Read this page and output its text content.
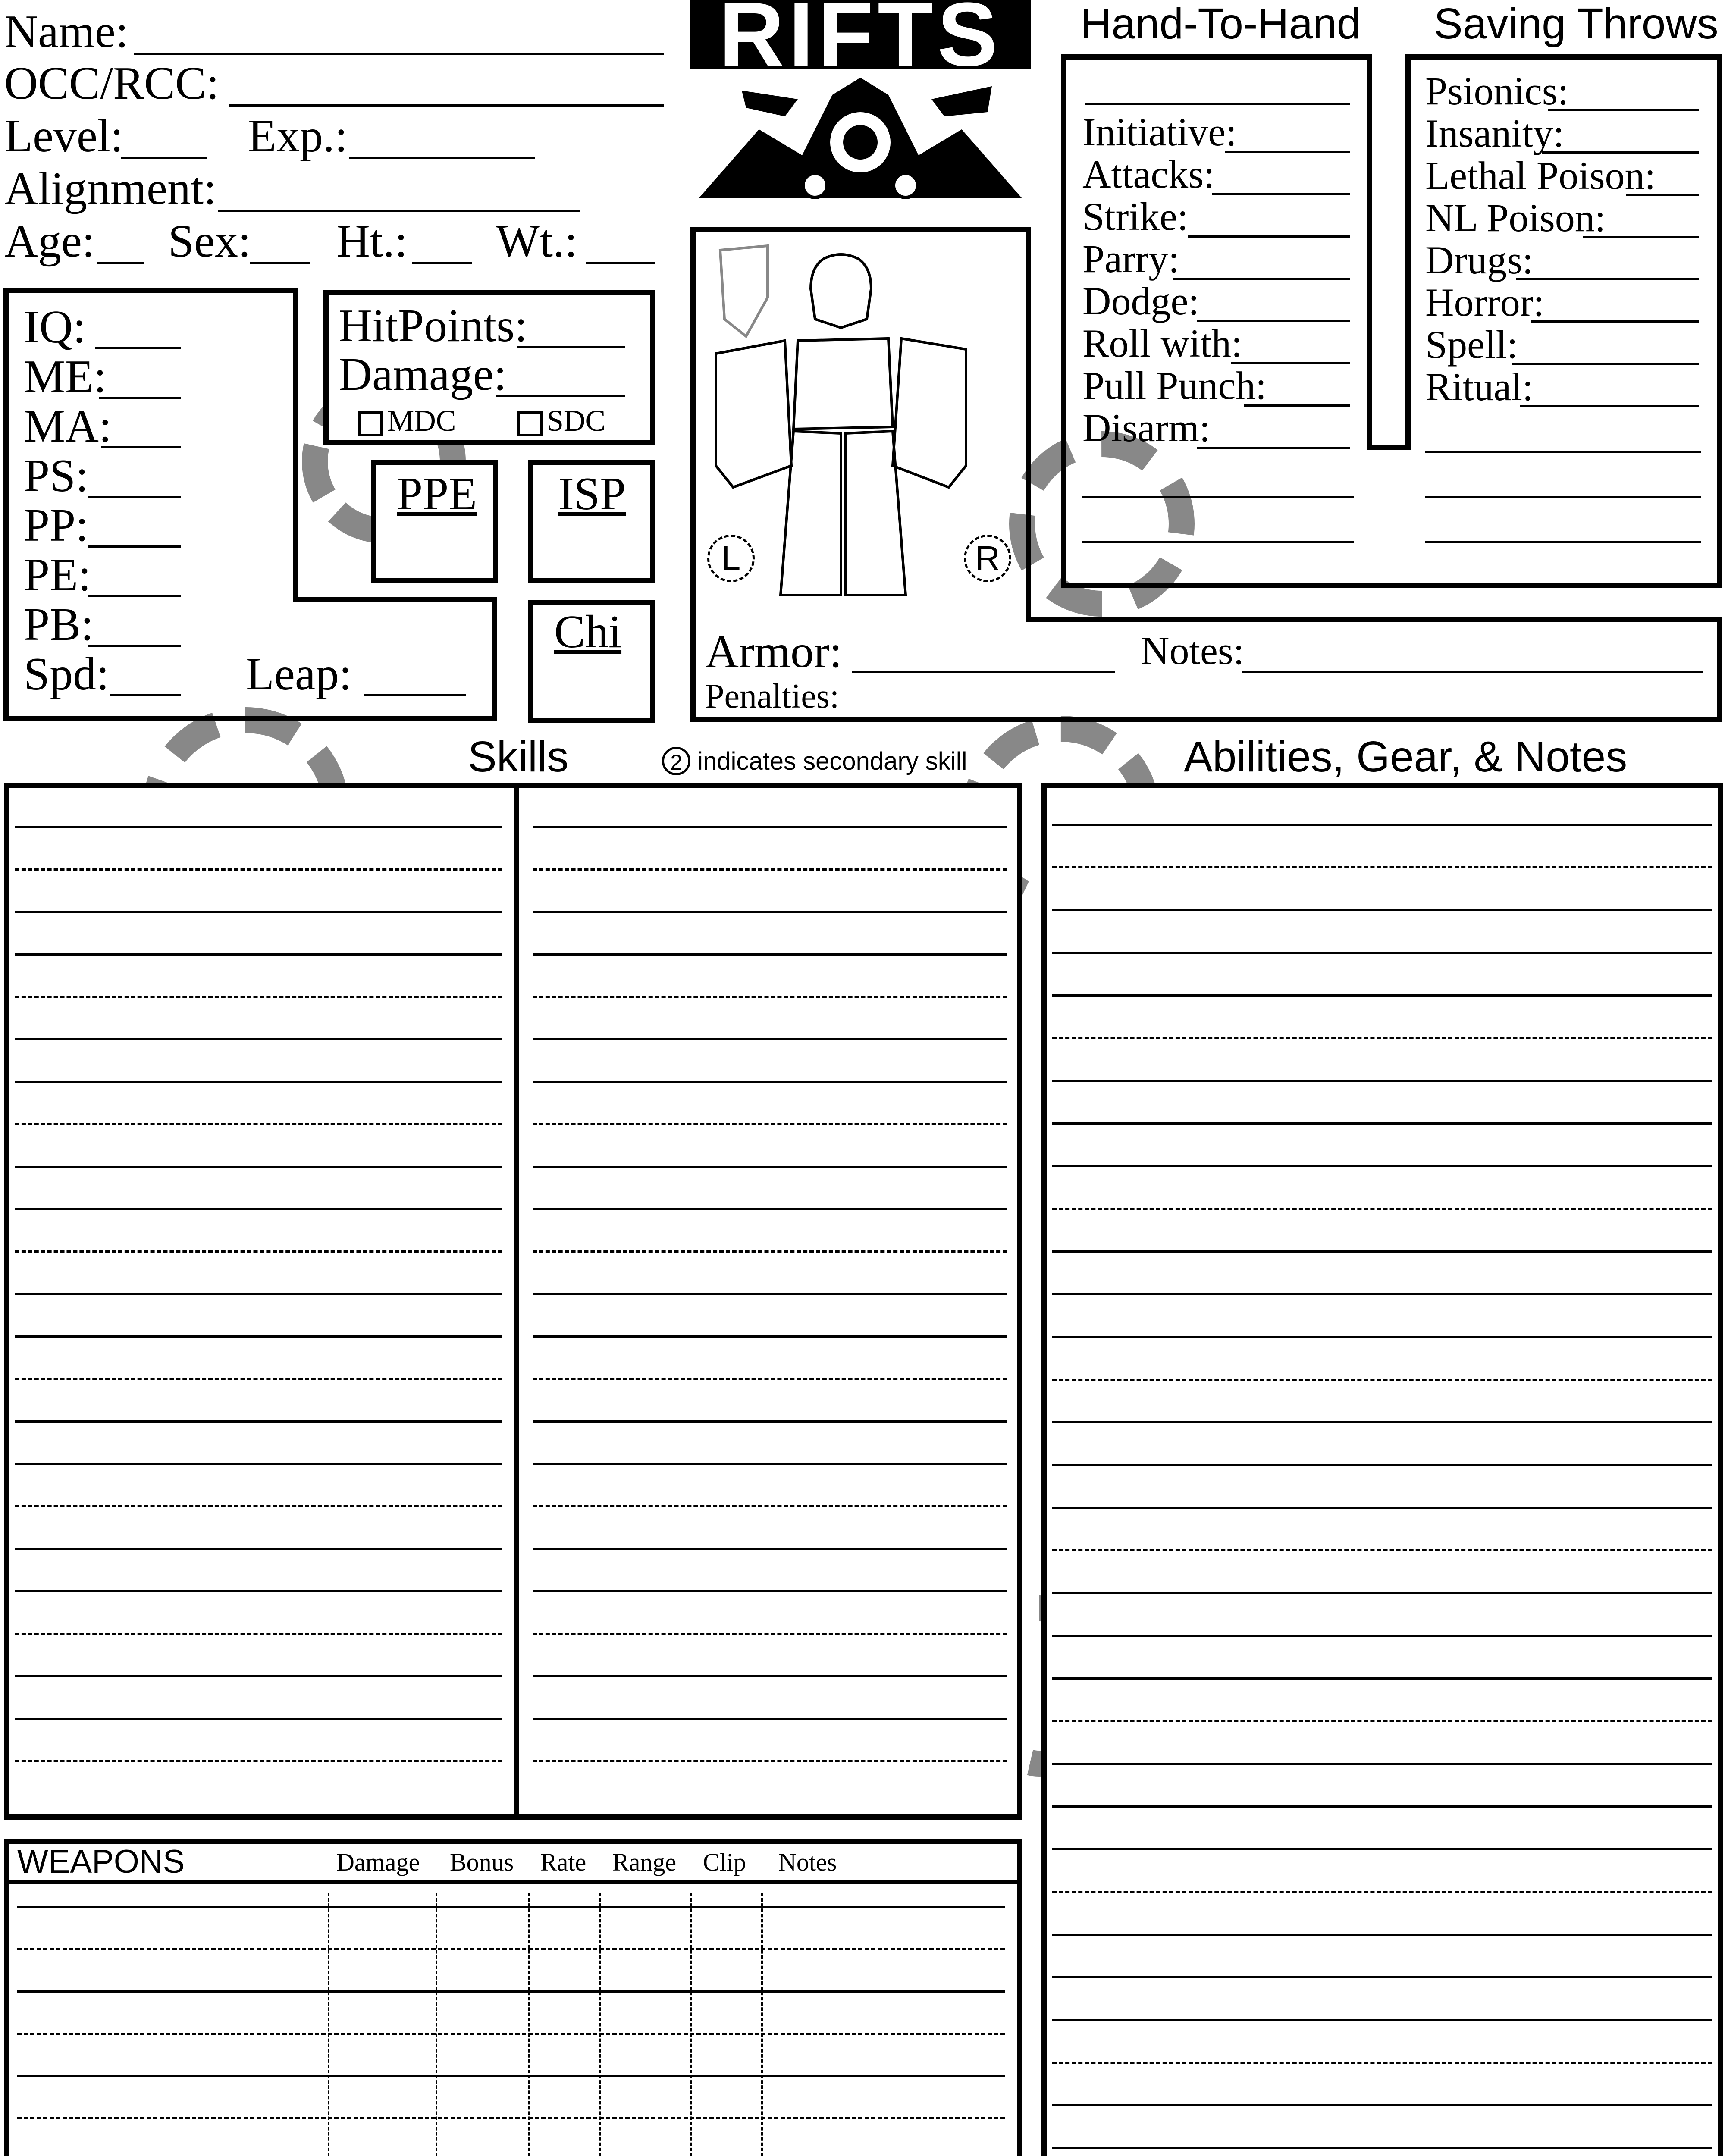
Name:
OCC/RCC:
Level:	Exp.:
Alignment:
Age: Sex: Ht.: Wt.:
RIFTS
IQ:
ME:
MA:
PS:
PP:
PE:
PB:
Spd:	Leap:
HitPoints:
Damage:
MDC	SDC
PPE ISP
Chi
L	R
Armor:	Notes:
Penalties:
Hand-To-Hand
Initiative:
Attacks:
Strike:
Parry:
Dodge:
Roll with:
Pull Punch:
Disarm:
Saving Throws
Psionics:
Insanity:
Lethal Poison:
NL Poison:
Drugs:
Horror:
Spell:
Ritual:
Skills	2 indicates secondary skill	Abilities, Gear, & Notes
WEAPONS	Damage Bonus Rate Range Clip Notes
